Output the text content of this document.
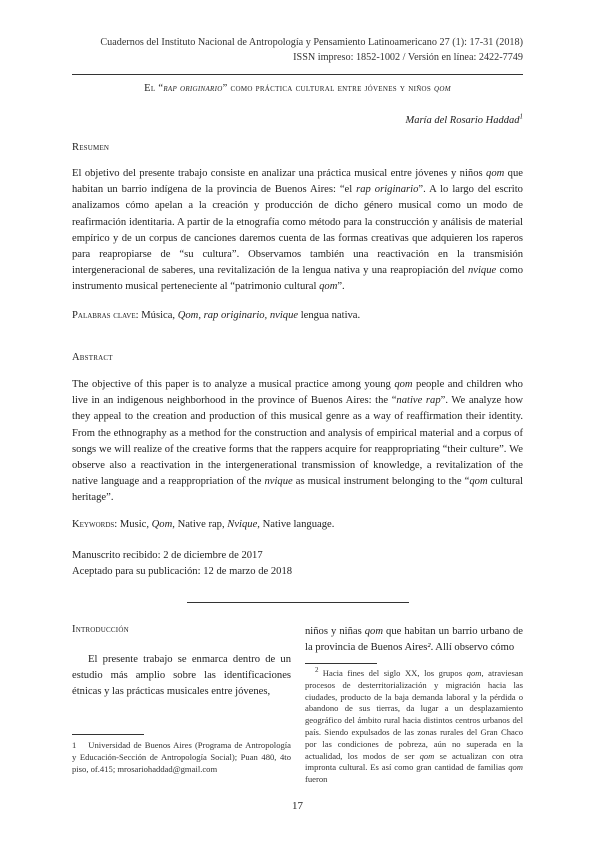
Cuadernos del Instituto Nacional de Antropología y Pensamiento Latinoamericano 27 (1): 17-31 (2018)
ISSN impreso: 1852-1002 / Versión en línea: 2422-7749
El “rap originario” como práctica cultural entre jóvenes y niños qom
María del Rosario Haddad$^1$
Resumen
El objetivo del presente trabajo consiste en analizar una práctica musical entre jóvenes y niños qom que habitan un barrio indígena de la provincia de Buenos Aires: “el rap originario”. A lo largo del escrito analizamos cómo apelan a la creación y producción de dicho género musical como un modo de reafirmación identitaria. A partir de la etnografía como método para la construcción y análisis de material empírico y de un corpus de canciones daremos cuenta de las formas creativas que adquieren los raperos para reapropiarse de “su cultura”. Observamos también una reactivación en la transmisión intergeneracional de saberes, una revitalización de la lengua nativa y una reapropiación del nvique como instrumento musical perteneciente al “patrimonio cultural qom”.
Palabras clave: Música, Qom, rap originario, nvique lengua nativa.
Abstract
The objective of this paper is to analyze a musical practice among young qom people and children who live in an indigenous neighborhood in the province of Buenos Aires: the “native rap”. We analyze how they appeal to the creation and production of this musical genre as a way of reaffirmation their identity. From the ethnography as a method for the construction and analysis of empirical material and a corpus of songs we will realize of the creative forms that the rappers acquire for reappropriating “their culture”. We observe also a reactivation in the intergenerational transmission of knowledge, a revitalization of the native language and a reappropriation of the nvique as musical instrument belonging to the “qom cultural heritage”.
Keywords: Music, Qom, Native rap, Nvique, Native language.
Manuscrito recibido: 2 de diciembre de 2017
Aceptado para su publicación: 12 de marzo de 2018
Introducción
El presente trabajo se enmarca dentro de un estudio más amplio sobre las identificaciones étnicas y las prácticas musicales entre jóvenes,
1 Universidad de Buenos Aires (Programa de Antropología y Educación-Sección de Antropología Social); Puan 480, 4to piso, of.415; mrosariohaddad@gmail.com
niños y niñas qom que habitan un barrio urbano de la provincia de Buenos Aires². Allí observo cómo
$^2$  Hacia fines del siglo XX, los grupos qom, atraviesan procesos de desterritorialización y migración hacia las ciudades, producto de la baja demanda laboral y la pérdida o abandono de sus tierras, da lugar a un desplazamiento geográfico del ámbito rural hacia distintos centros urbanos del país. Siendo expulsados de las zonas rurales del Gran Chaco por las condiciones de pobreza, aún no superada en la actualidad, los modos de ser qom se actualizan con otra impronta cultural. Es así como gran cantidad de familias qom fueron
17
